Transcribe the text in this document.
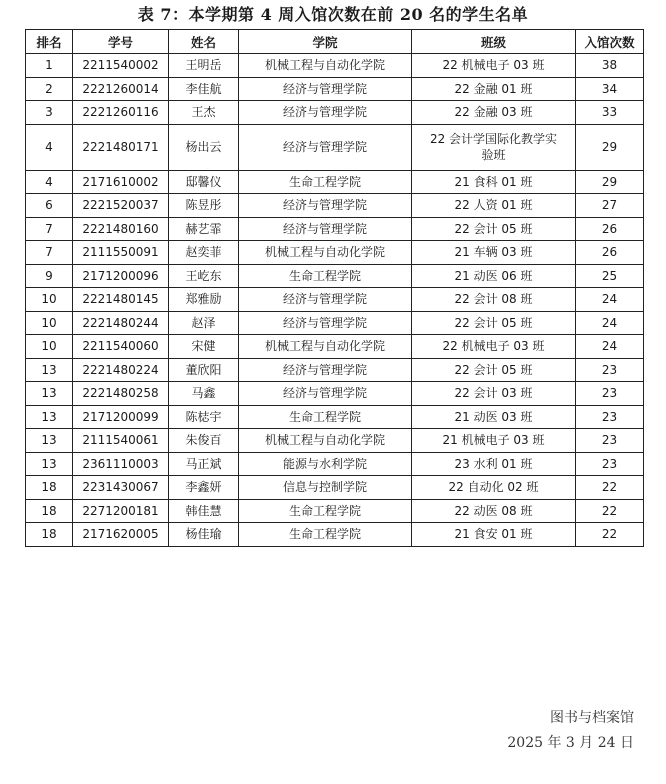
表 7：本学期第 4 周入馆次数在前 20 名的学生名单
排名	学号	姓名	学院	班级	入馆次数
1	2211540002	王明岳	机械工程与自动化学院	22 机械电子 03 班	38
2	2221260014	李佳航	经济与管理学院	22 金融 01 班	34
3	2221260116	王杰	经济与管理学院	22 金融 03 班	33
4	2221480171	杨出云	经济与管理学院	22 会计学国际化教学实验班	29
4	2171610002	邸馨仪	生命工程学院	21 食科 01 班	29
6	2221520037	陈昱彤	经济与管理学院	22 人资 01 班	27
7	2221480160	赫艺霏	经济与管理学院	22 会计 05 班	26
7	2111550091	赵奕菲	机械工程与自动化学院	21 车辆 03 班	26
9	2171200096	王屹东	生命工程学院	21 动医 06 班	25
10	2221480145	郑雅励	经济与管理学院	22 会计 08 班	24
10	2221480244	赵泽	经济与管理学院	22 会计 05 班	24
10	2211540060	宋健	机械工程与自动化学院	22 机械电子 03 班	24
13	2221480224	董欣阳	经济与管理学院	22 会计 05 班	23
13	2221480258	马鑫	经济与管理学院	22 会计 03 班	23
13	2171200099	陈梽宇	生命工程学院	21 动医 03 班	23
13	2111540061	朱俊百	机械工程与自动化学院	21 机械电子 03 班	23
13	2361110003	马正斌	能源与水利学院	23 水利 01 班	23
18	2231430067	李鑫妍	信息与控制学院	22 自动化 02 班	22
18	2271200181	韩佳慧	生命工程学院	22 动医 08 班	22
18	2171620005	杨佳瑜	生命工程学院	21 食安 01 班	22
图书与档案馆
2025 年 3 月 24 日
